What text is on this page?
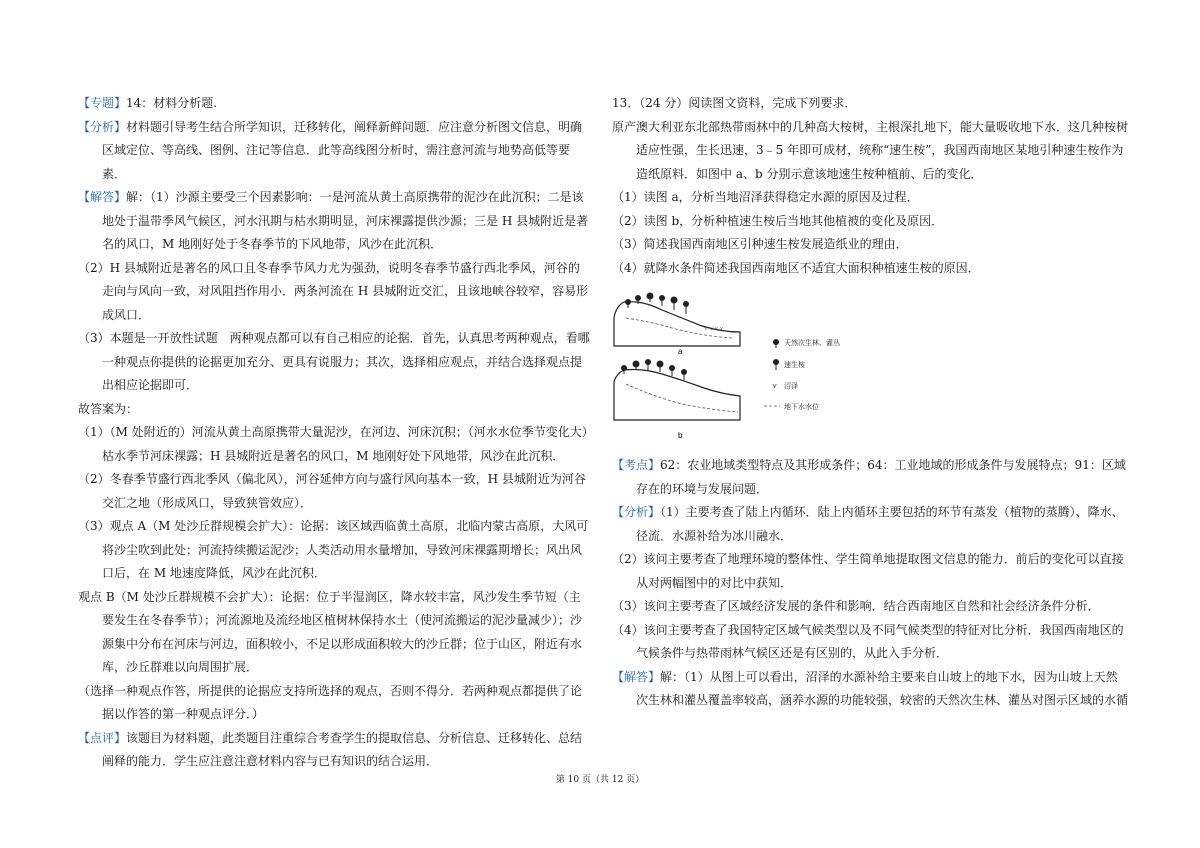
【专题】14：材料分析题.

【分析】材料题引导考生结合所学知识，迁移转化，阐释新鲜问题．应注意分析图文信息，明确区域定位、等高线、图例、注记等信息．此等高线图分析时，需注意河流与地势高低等要素．

【解答】解：（1）沙源主要受三个因素影响：一是河流从黄土高原携带的泥沙在此沉积；二是该地处于温带季风气候区，河水汛期与枯水期明显，河床裸露提供沙源；三是 H 县城附近是著名的风口，M 地刚好处于冬春季节的下风地带，风沙在此沉积．

（2）H 县城附近是著名的风口且冬春季节风力尤为强劲，说明冬春季节盛行西北季风，河谷的走向与风向一致，对风阻挡作用小．两条河流在 H 县城附近交汇，且该地峡谷较窄，容易形成风口．

（3）本题是一开放性试题　两种观点都可以有自己相应的论据．首先，认真思考两种观点，看哪一种观点你提供的论据更加充分、更具有说服力；其次，选择相应观点，并结合选择观点提出相应论据即可．

故答案为：

（1）（M 处附近的）河流从黄土高原携带大量泥沙，在河边、河床沉积；（河水水位季节变化大）枯水季节河床裸露；H 县城附近是著名的风口，M 地刚好处下风地带，风沙在此沉积．

（2）冬春季节盛行西北季风（偏北风），河谷延伸方向与盛行风向基本一致，H 县城附近为河谷交汇之地（形成风口，导致狭管效应）．

（3）观点 A（M 处沙丘群规模会扩大）：论据：该区域西临黄土高原，北临内蒙古高原，大风可将沙尘吹到此处；河流持续搬运泥沙；人类活动用水量增加，导致河床裸露期增长；风出风口后，在 M 地速度降低，风沙在此沉积．

观点 B（M 处沙丘群规模不会扩大）：论据：位于半湿润区，降水较丰富，风沙发生季节短（主要发生在冬春季节）；河流源地及流经地区植树林保持水土（使河流搬运的泥沙量减少）；沙源集中分布在河床与河边，面积较小，不足以形成面积较大的沙丘群；位于山区，附近有水库，沙丘群难以向周围扩展．

（选择一种观点作答，所提供的论据应支持所选择的观点，否则不得分．若两种观点都提供了论据以作答的第一种观点评分．）

【点评】该题目为材料题，此类题目注重综合考查学生的提取信息、分析信息、迁移转化、总结阐释的能力．学生应注意注意材料内容与已有知识的结合运用．

13．（24 分）阅读图文资料，完成下列要求．

原产澳大利亚东北部热带雨林中的几种高大桉树，主根深扎地下，能大量吸收地下水．这几种桉树适应性强，生长迅速，3﹣5 年即可成材，统称“速生桉”，我国西南地区某地引种速生桉作为造纸原料．如图中 a、b 分别示意该地速生桉种植前、后的变化．

（1）读图 a，分析当地沼泽获得稳定水源的原因及过程．

（2）读图 b，分析种植速生桉后当地其他植被的变化及原因．

（3）简述我国西南地区引种速生桉发展造纸业的理由．

（4）就降水条件简述我国西南地区不适宜大面积种植速生桉的原因．

⋎ ⋎ ⋎ ⋎
a
b
天然次生林、灌丛
速生桉
⋎ 沼泽
地下水水位

【考点】62：农业地域类型特点及其形成条件；64：工业地域的形成条件与发展特点；91：区域存在的环境与发展问题．

【分析】（1）主要考查了陆上内循环．陆上内循环主要包括的环节有蒸发（植物的蒸腾）、降水、径流．水源补给为冰川融水．

（2）该问主要考查了地理环境的整体性、学生简单地提取图文信息的能力．前后的变化可以直接从对两幅图中的对比中获知．

（3）该问主要考查了区域经济发展的条件和影响．结合西南地区自然和社会经济条件分析．

（4）该问主要考查了我国特定区域气候类型以及不同气候类型的特征对比分析．我国西南地区的气候条件与热带雨林气候区还是有区别的，从此入手分析．

【解答】解：（1）从图上可以看出，沼泽的水源补给主要来自山坡上的地下水，因为山坡上天然次生林和灌丛覆盖率较高，涵养水源的功能较强，较密的天然次生林、灌丛对图示区域的水循

第 10 页（共 12 页）
